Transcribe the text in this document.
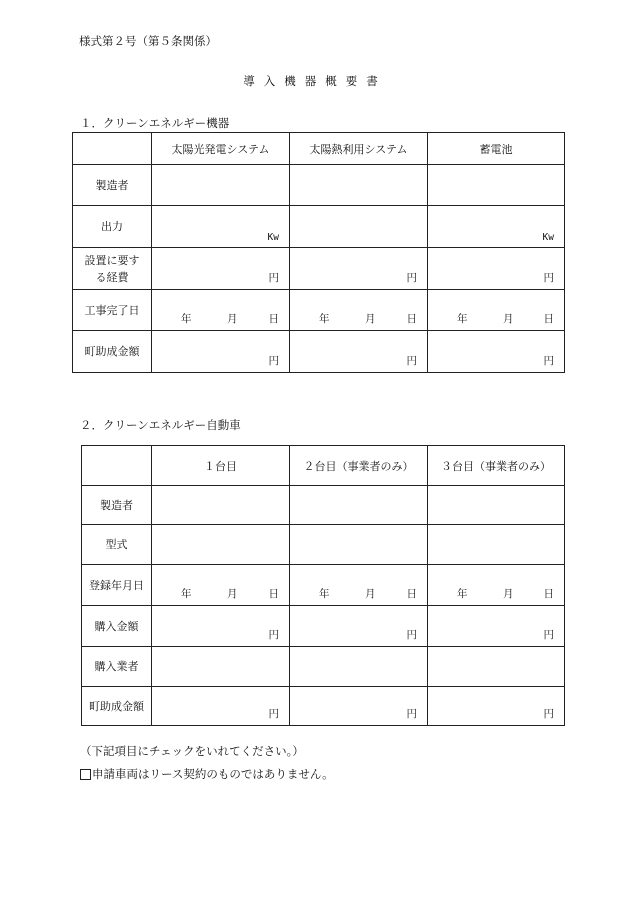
様式第２号（第５条関係）
導入機器概要書
１．クリーンエネルギー機器
	太陽光発電システム	太陽熱利用システム	蓄電池
製造者			
出力	Kw		Kw

設置に要す
る経費	円	円	円

工事完了日	年 月 日	年 月 日	年 月 日

町助成金額	円	円	円
２．クリーンエネルギー自動車
	１台目	２台目（事業者のみ）	３台目（事業者のみ）
製造者			
型式			
登録年月日	年 月 日	年 月 日	年 月 日

購入金額	円	円	円

購入業者			
町助成金額	円	円	円
（下記項目にチェックをいれてください。）
申請車両はリース契約のものではありません。
